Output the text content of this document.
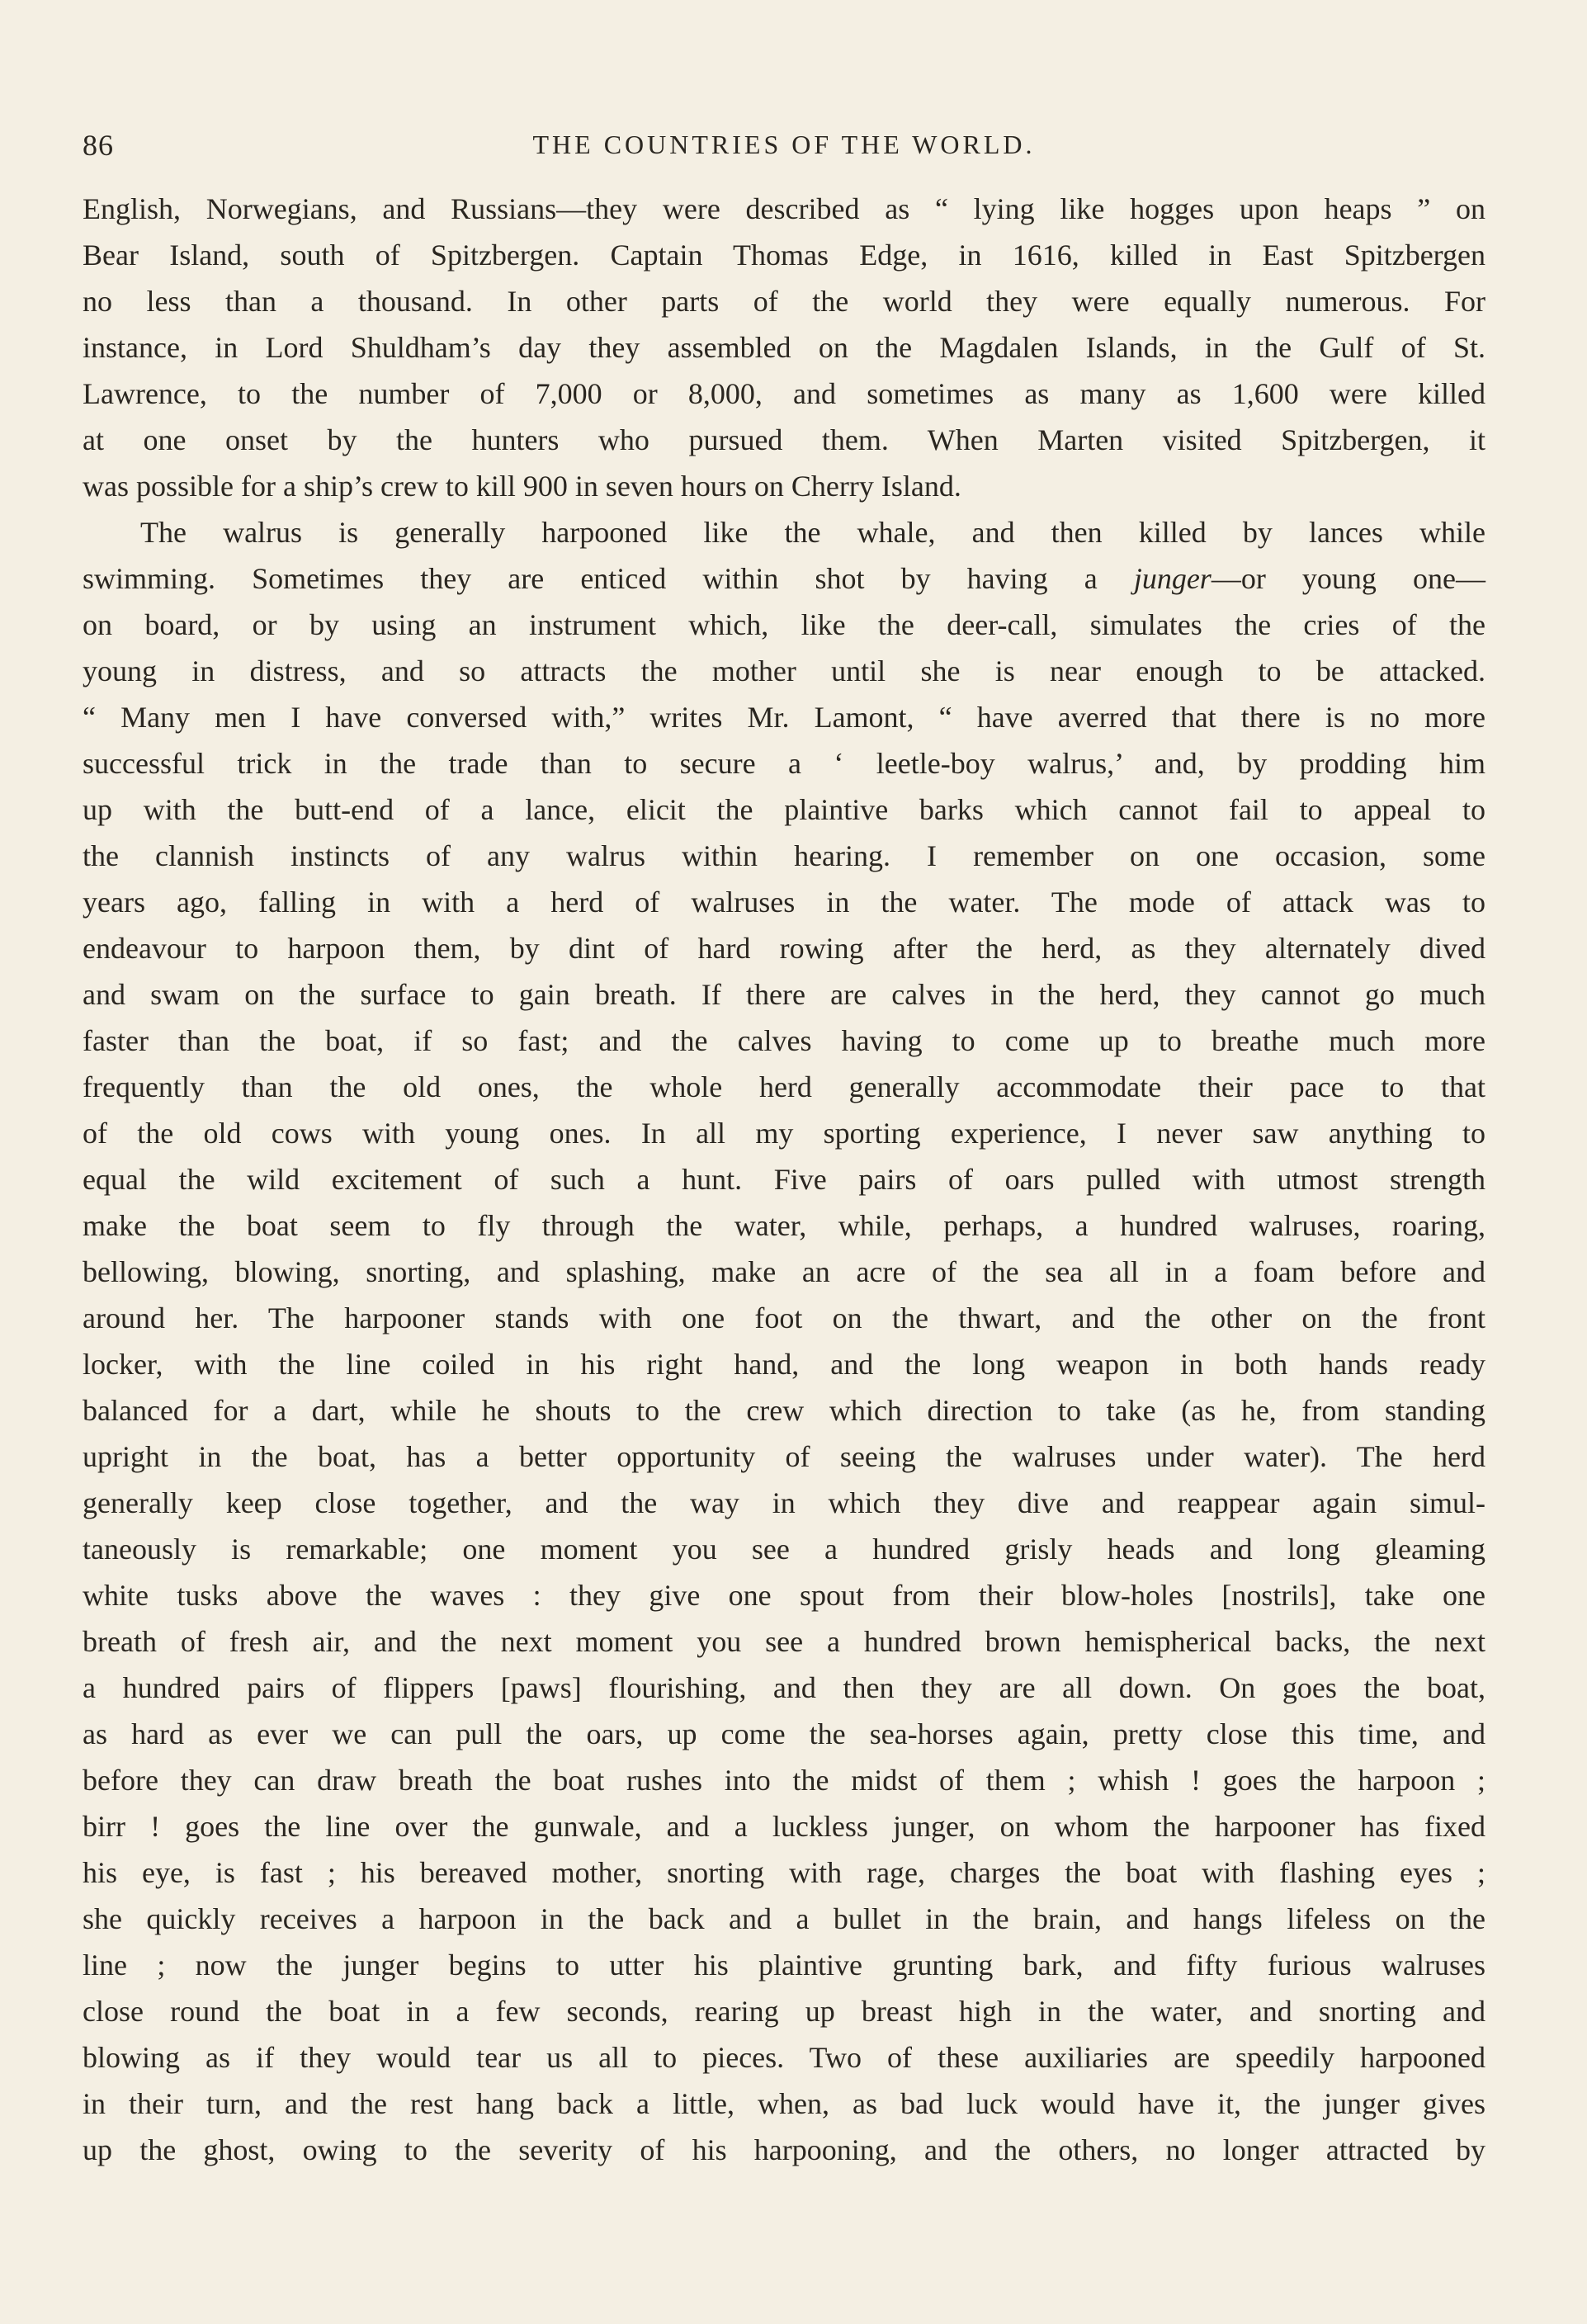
86	THE COUNTRIES OF THE WORLD.
English, Norwegians, and Russians—they were described as “ lying like hogges upon heaps ” on
Bear Island, south of Spitzbergen. Captain Thomas Edge, in 1616, killed in East Spitzbergen
no less than a thousand. In other parts of the world they were equally numerous. For
instance, in Lord Shuldham’s day they assembled on the Magdalen Islands, in the Gulf of St.
Lawrence, to the number of 7,000 or 8,000, and sometimes as many as 1,600 were killed
at one onset by the hunters who pursued them. When Marten visited Spitzbergen, it
was possible for a ship’s crew to kill 900 in seven hours on Cherry Island.
The walrus is generally harpooned like the whale, and then killed by lances while
swimming. Sometimes they are enticed within shot by having a junger—or young one—
on board, or by using an instrument which, like the deer-call, simulates the cries of the
young in distress, and so attracts the mother until she is near enough to be attacked.
“ Many men I have conversed with,” writes Mr. Lamont, “ have averred that there is no more
successful trick in the trade than to secure a ‘ leetle-boy walrus,’ and, by prodding him
up with the butt-end of a lance, elicit the plaintive barks which cannot fail to appeal to
the clannish instincts of any walrus within hearing. I remember on one occasion, some
years ago, falling in with a herd of walruses in the water. The mode of attack was to
endeavour to harpoon them, by dint of hard rowing after the herd, as they alternately dived
and swam on the surface to gain breath. If there are calves in the herd, they cannot go much
faster than the boat, if so fast; and the calves having to come up to breathe much more
frequently than the old ones, the whole herd generally accommodate their pace to that
of the old cows with young ones. In all my sporting experience, I never saw anything to
equal the wild excitement of such a hunt. Five pairs of oars pulled with utmost strength
make the boat seem to fly through the water, while, perhaps, a hundred walruses, roaring,
bellowing, blowing, snorting, and splashing, make an acre of the sea all in a foam before and
around her. The harpooner stands with one foot on the thwart, and the other on the front
locker, with the line coiled in his right hand, and the long weapon in both hands ready
balanced for a dart, while he shouts to the crew which direction to take (as he, from standing
upright in the boat, has a better opportunity of seeing the walruses under water). The herd
generally keep close together, and the way in which they dive and reappear again simul-
taneously is remarkable; one moment you see a hundred grisly heads and long gleaming
white tusks above the waves : they give one spout from their blow-holes [nostrils], take one
breath of fresh air, and the next moment you see a hundred brown hemispherical backs, the next
a hundred pairs of flippers [paws] flourishing, and then they are all down. On goes the boat,
as hard as ever we can pull the oars, up come the sea-horses again, pretty close this time, and
before they can draw breath the boat rushes into the midst of them ; whish ! goes the harpoon ;
birr ! goes the line over the gunwale, and a luckless junger, on whom the harpooner has fixed
his eye, is fast ; his bereaved mother, snorting with rage, charges the boat with flashing eyes ;
she quickly receives a harpoon in the back and a bullet in the brain, and hangs lifeless on the
line ; now the junger begins to utter his plaintive grunting bark, and fifty furious walruses
close round the boat in a few seconds, rearing up breast high in the water, and snorting and
blowing as if they would tear us all to pieces. Two of these auxiliaries are speedily harpooned
in their turn, and the rest hang back a little, when, as bad luck would have it, the junger gives
up the ghost, owing to the severity of his harpooning, and the others, no longer attracted by
